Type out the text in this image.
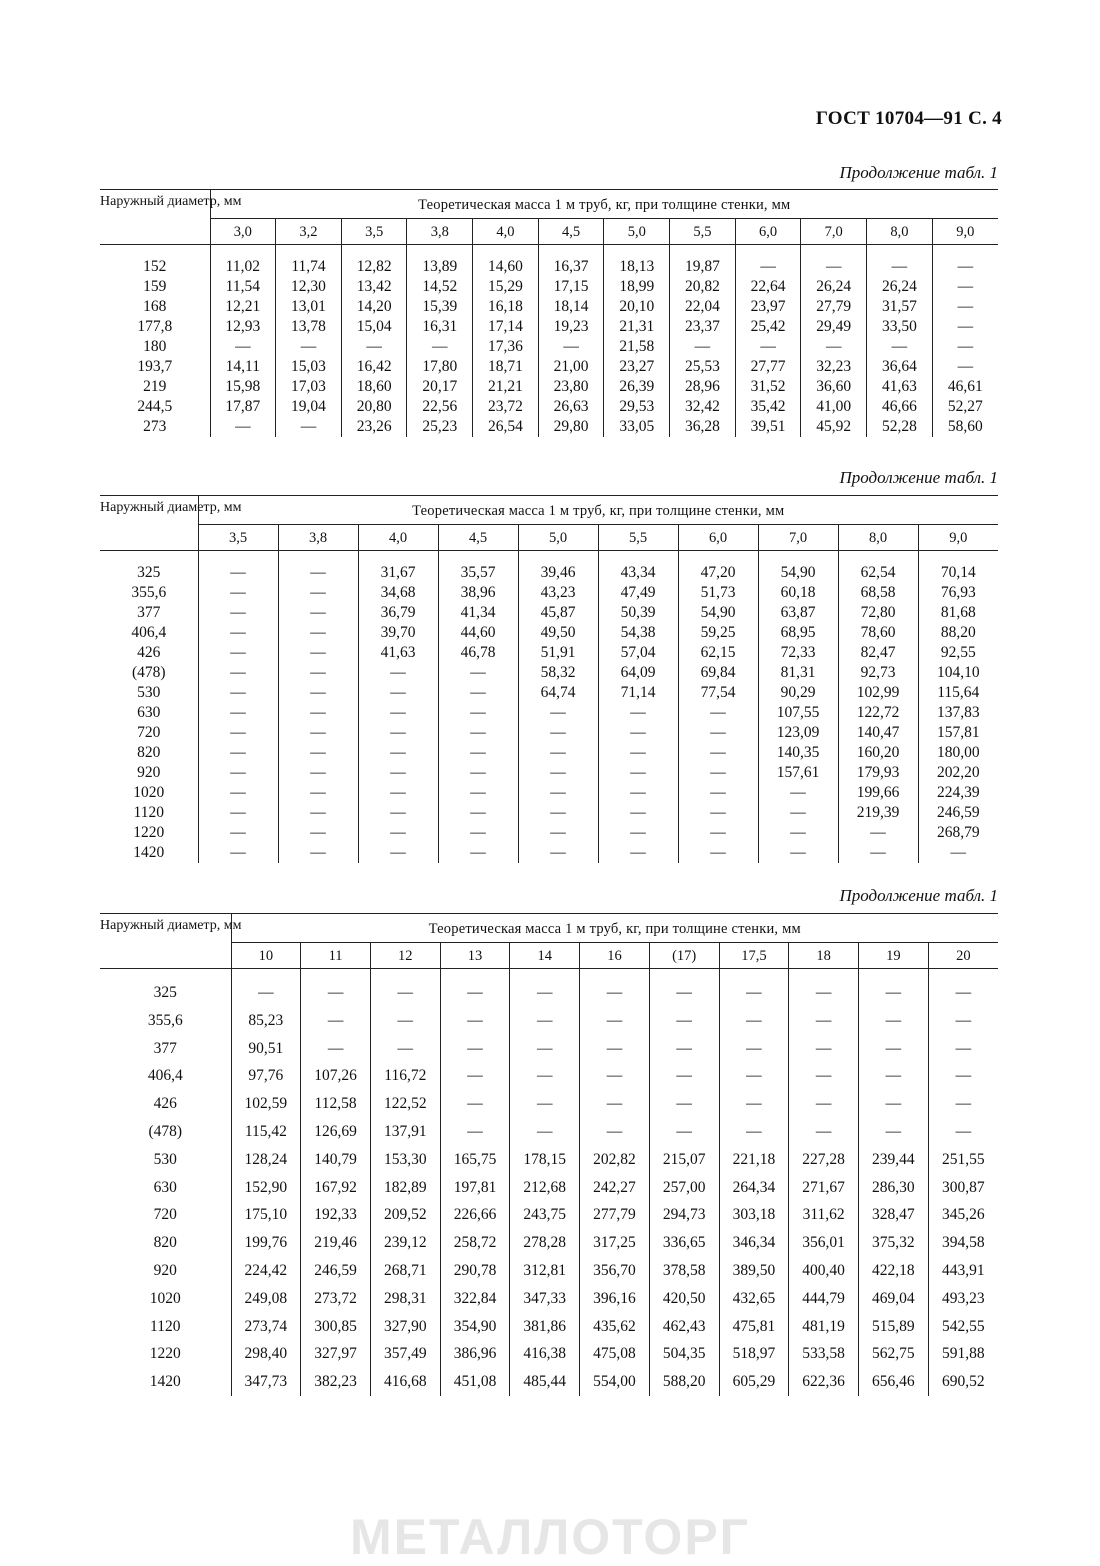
ГОСТ 10704—91 С. 4
Продолжение табл. 1
Наружный диаметр, мм	Теоретическая масса 1 м труб, кг, при толщине стенки, мм											
	3,0	3,2	3,5	3,8	4,0	4,5	5,0	5,5	6,0	7,0	8,0	9,0

152	11,02	11,74	12,82	13,89	14,60	16,37	18,13	19,87	—	—	—	—
159	11,54	12,30	13,42	14,52	15,29	17,15	18,99	20,82	22,64	26,24	26,24	—
168	12,21	13,01	14,20	15,39	16,18	18,14	20,10	22,04	23,97	27,79	31,57	—
177,8	12,93	13,78	15,04	16,31	17,14	19,23	21,31	23,37	25,42	29,49	33,50	—
180	—	—	—	—	17,36	—	21,58	—	—	—	—	—
193,7	14,11	15,03	16,42	17,80	18,71	21,00	23,27	25,53	27,77	32,23	36,64	—
219	15,98	17,03	18,60	20,17	21,21	23,80	26,39	28,96	31,52	36,60	41,63	46,61
244,5	17,87	19,04	20,80	22,56	23,72	26,63	29,53	32,42	35,42	41,00	46,66	52,27
273	—	—	23,26	25,23	26,54	29,80	33,05	36,28	39,51	45,92	52,28	58,60
Продолжение табл. 1
Наружный диаметр, мм	Теоретическая масса 1 м труб, кг, при толщине стенки, мм									
	3,5	3,8	4,0	4,5	5,0	5,5	6,0	7,0	8,0	9,0

325	—	—	31,67	35,57	39,46	43,34	47,20	54,90	62,54	70,14
355,6	—	—	34,68	38,96	43,23	47,49	51,73	60,18	68,58	76,93
377	—	—	36,79	41,34	45,87	50,39	54,90	63,87	72,80	81,68
406,4	—	—	39,70	44,60	49,50	54,38	59,25	68,95	78,60	88,20
426	—	—	41,63	46,78	51,91	57,04	62,15	72,33	82,47	92,55
(478)	—	—	—	—	58,32	64,09	69,84	81,31	92,73	104,10
530	—	—	—	—	64,74	71,14	77,54	90,29	102,99	115,64
630	—	—	—	—	—	—	—	107,55	122,72	137,83
720	—	—	—	—	—	—	—	123,09	140,47	157,81
820	—	—	—	—	—	—	—	140,35	160,20	180,00
920	—	—	—	—	—	—	—	157,61	179,93	202,20
1020	—	—	—	—	—	—	—	—	199,66	224,39
1120	—	—	—	—	—	—	—	—	219,39	246,59
1220	—	—	—	—	—	—	—	—	—	268,79
1420	—	—	—	—	—	—	—	—	—	—
Продолжение табл. 1
Наружный диаметр, мм	Теоретическая масса 1 м труб, кг, при толщине стенки, мм										
	10	11	12	13	14	16	(17)	17,5	18	19	20

325	—	—	—	—	—	—	—	—	—	—	—
355,6	85,23	—	—	—	—	—	—	—	—	—	—
377	90,51	—	—	—	—	—	—	—	—	—	—
406,4	97,76	107,26	116,72	—	—	—	—	—	—	—	—
426	102,59	112,58	122,52	—	—	—	—	—	—	—	—
(478)	115,42	126,69	137,91	—	—	—	—	—	—	—	—
530	128,24	140,79	153,30	165,75	178,15	202,82	215,07	221,18	227,28	239,44	251,55
630	152,90	167,92	182,89	197,81	212,68	242,27	257,00	264,34	271,67	286,30	300,87
720	175,10	192,33	209,52	226,66	243,75	277,79	294,73	303,18	311,62	328,47	345,26
820	199,76	219,46	239,12	258,72	278,28	317,25	336,65	346,34	356,01	375,32	394,58
920	224,42	246,59	268,71	290,78	312,81	356,70	378,58	389,50	400,40	422,18	443,91
1020	249,08	273,72	298,31	322,84	347,33	396,16	420,50	432,65	444,79	469,04	493,23
1120	273,74	300,85	327,90	354,90	381,86	435,62	462,43	475,81	481,19	515,89	542,55
1220	298,40	327,97	357,49	386,96	416,38	475,08	504,35	518,97	533,58	562,75	591,88
1420	347,73	382,23	416,68	451,08	485,44	554,00	588,20	605,29	622,36	656,46	690,52
МЕТАЛЛОТОРГ
